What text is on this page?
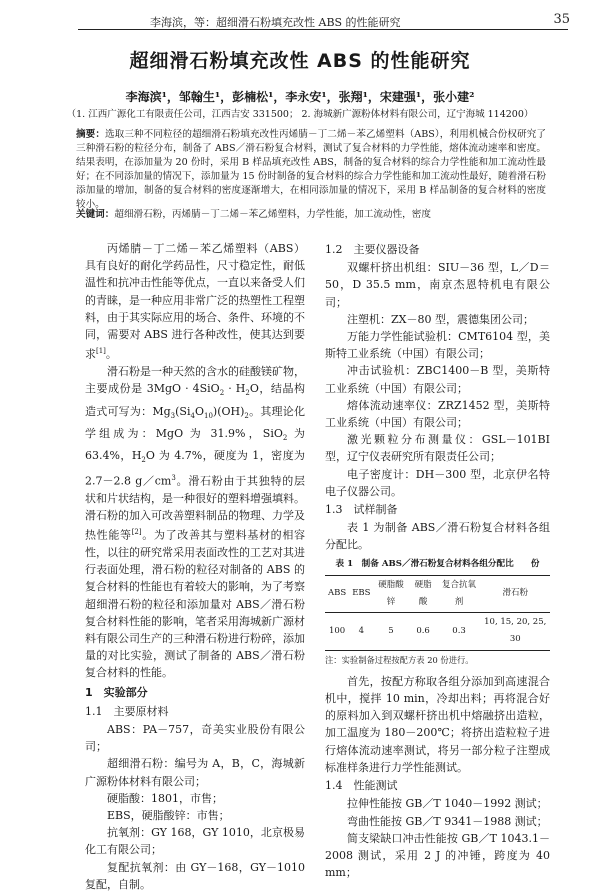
李海滨，等：超细滑石粉填充改性 ABS 的性能研究	35
超细滑石粉填充改性 ABS 的性能研究
李海滨¹，邹翰生¹，彭楠松¹，李永安¹，张翔¹，宋建强¹，张小建²
（1. 江西广源化工有限责任公司，江西吉安 331500； 2. 海城新广源粉体材料有限公司，辽宁海城 114200）
摘要：选取三种不同粒径的超细滑石粉填充改性丙烯腈－丁二烯－苯乙烯塑料（ABS），利用机械合份权研究了三种滑石粉的粒径分布，制备了 ABS／滑石粉复合材料，测试了复合材料的力学性能，熔体流动速率和密度。结果表明，在添加量为 20 份时，采用 B 样品填充改性 ABS，制备的复合材料的综合力学性能和加工流动性最好；在不同添加量的情况下，添加量为 15 份时制备的复合材料的综合力学性能和加工流动性最好，随着滑石粉添加量的增加，制备的复合材料的密度逐渐增大，在相同添加量的情况下，采用 B 样品制备的复合材料的密度较小。
关键词：超细滑石粉，丙烯腈－丁二烯－苯乙烯塑料，力学性能，加工流动性，密度

丙烯腈－丁二烯－苯乙烯塑料（ABS）具有良好的耐化学药品性，尺寸稳定性，耐低温性和抗冲击性能等优点，一直以来备受人们的青睐，是一种应用非常广泛的热塑性工程塑料，由于其实际应用的场合、条件、环境的不同，需要对 ABS 进行各种改性，使其达到要求[1]。

滑石粉是一种天然的含水的硅酸镁矿物，主要成份是 $3MgO \cdot 4SiO_2 \cdot H_2O$，结晶构造式可写为：$Mg_3(Si_4O_{10})(OH)_2$。其理论化学组成为：MgO 为 31.9%，SiO$_2$ 为 63.4%，$H_2O$ 为 4.7%，硬度为 1，密度为 2.7－2.8 $g/cm^3$。滑石粉由于其独特的层状和片状结构，是一种很好的塑料增强填料。滑石粉的加入可改善塑料制品的物理、力学及热性能等[2]。为了改善其与塑料基材的相容性，以往的研究常采用表面改性的工艺对其进行表面处理，滑石粉的粒径对制备的 ABS 的复合材料的性能也有着较大的影响，为了考察超细滑石粉的粒径和添加量对 ABS／滑石粉复合材料性能的影响，笔者采用海城新广源材料有限公司生产的三种滑石粉进行粉碎，添加量的对比实验，测试了制备的 ABS／滑石粉复合材料的性能。

1　实验部分
1.1　主要原材料

ABS：PA－757，奇美实业股份有限公司；

超细滑石粉：编号为 A，B，C，海城新广源粉体材料有限公司；

硬脂酸：1801，市售；

EBS，硬脂酸锌：市售；

抗氧剂：GY 168，GY 1010，北京极易化工有限公司；

复配抗氧剂：由 GY－168，GY－1010 复配，自制。

1.2　主要仪器设备

双螺杆挤出机组：SIU－36 型，L／D＝50，D 35.5 mm，南京杰恩特机电有限公司；

注塑机：ZX－80 型，震德集团公司；

万能力学性能试验机：CMT6104 型，美斯特工业系统（中国）有限公司；

冲击试验机：ZBC1400－B 型，美斯特工业系统（中国）有限公司；

熔体流动速率仪：ZRZ1452 型，美斯特工业系统（中国）有限公司；

激光颗粒分布测量仪：GSL－101BI 型，辽宁仪表研究所有限责任公司；

电子密度计：DH－300 型，北京伊名特电子仪器公司。

1.3　试样制备

表 1 为制备 ABS／滑石粉复合材料各组分配比。

表 1　制备 ABS／滑石粉复合材料各组分配比　　份
ABS	EBS	硬脂酸锌	硬脂酸	复合抗氧剂	滑石粉
100	4	5	0.6	0.3	10, 15, 20, 25, 30
注：实验制备过程按配方表 20 份进行。

首先，按配方称取各组分添加到高速混合机中，搅拌 10 min，冷却出料；再将混合好的原料加入到双螺杆挤出机中熔融挤出造粒，加工温度为 180－200℃；将挤出造粒粒子进行熔体流动速率测试，将另一部分粒子注塑成标准样条进行力学性能测试。

1.4　性能测试

拉伸性能按 GB／T 1040－1992 测试；

弯曲性能按 GB／T 9341－1988 测试；

简支梁缺口冲击性能按 GB／T 1043.1－2008 测试，采用 2 J 的冲锤，跨度为 40 mm；
